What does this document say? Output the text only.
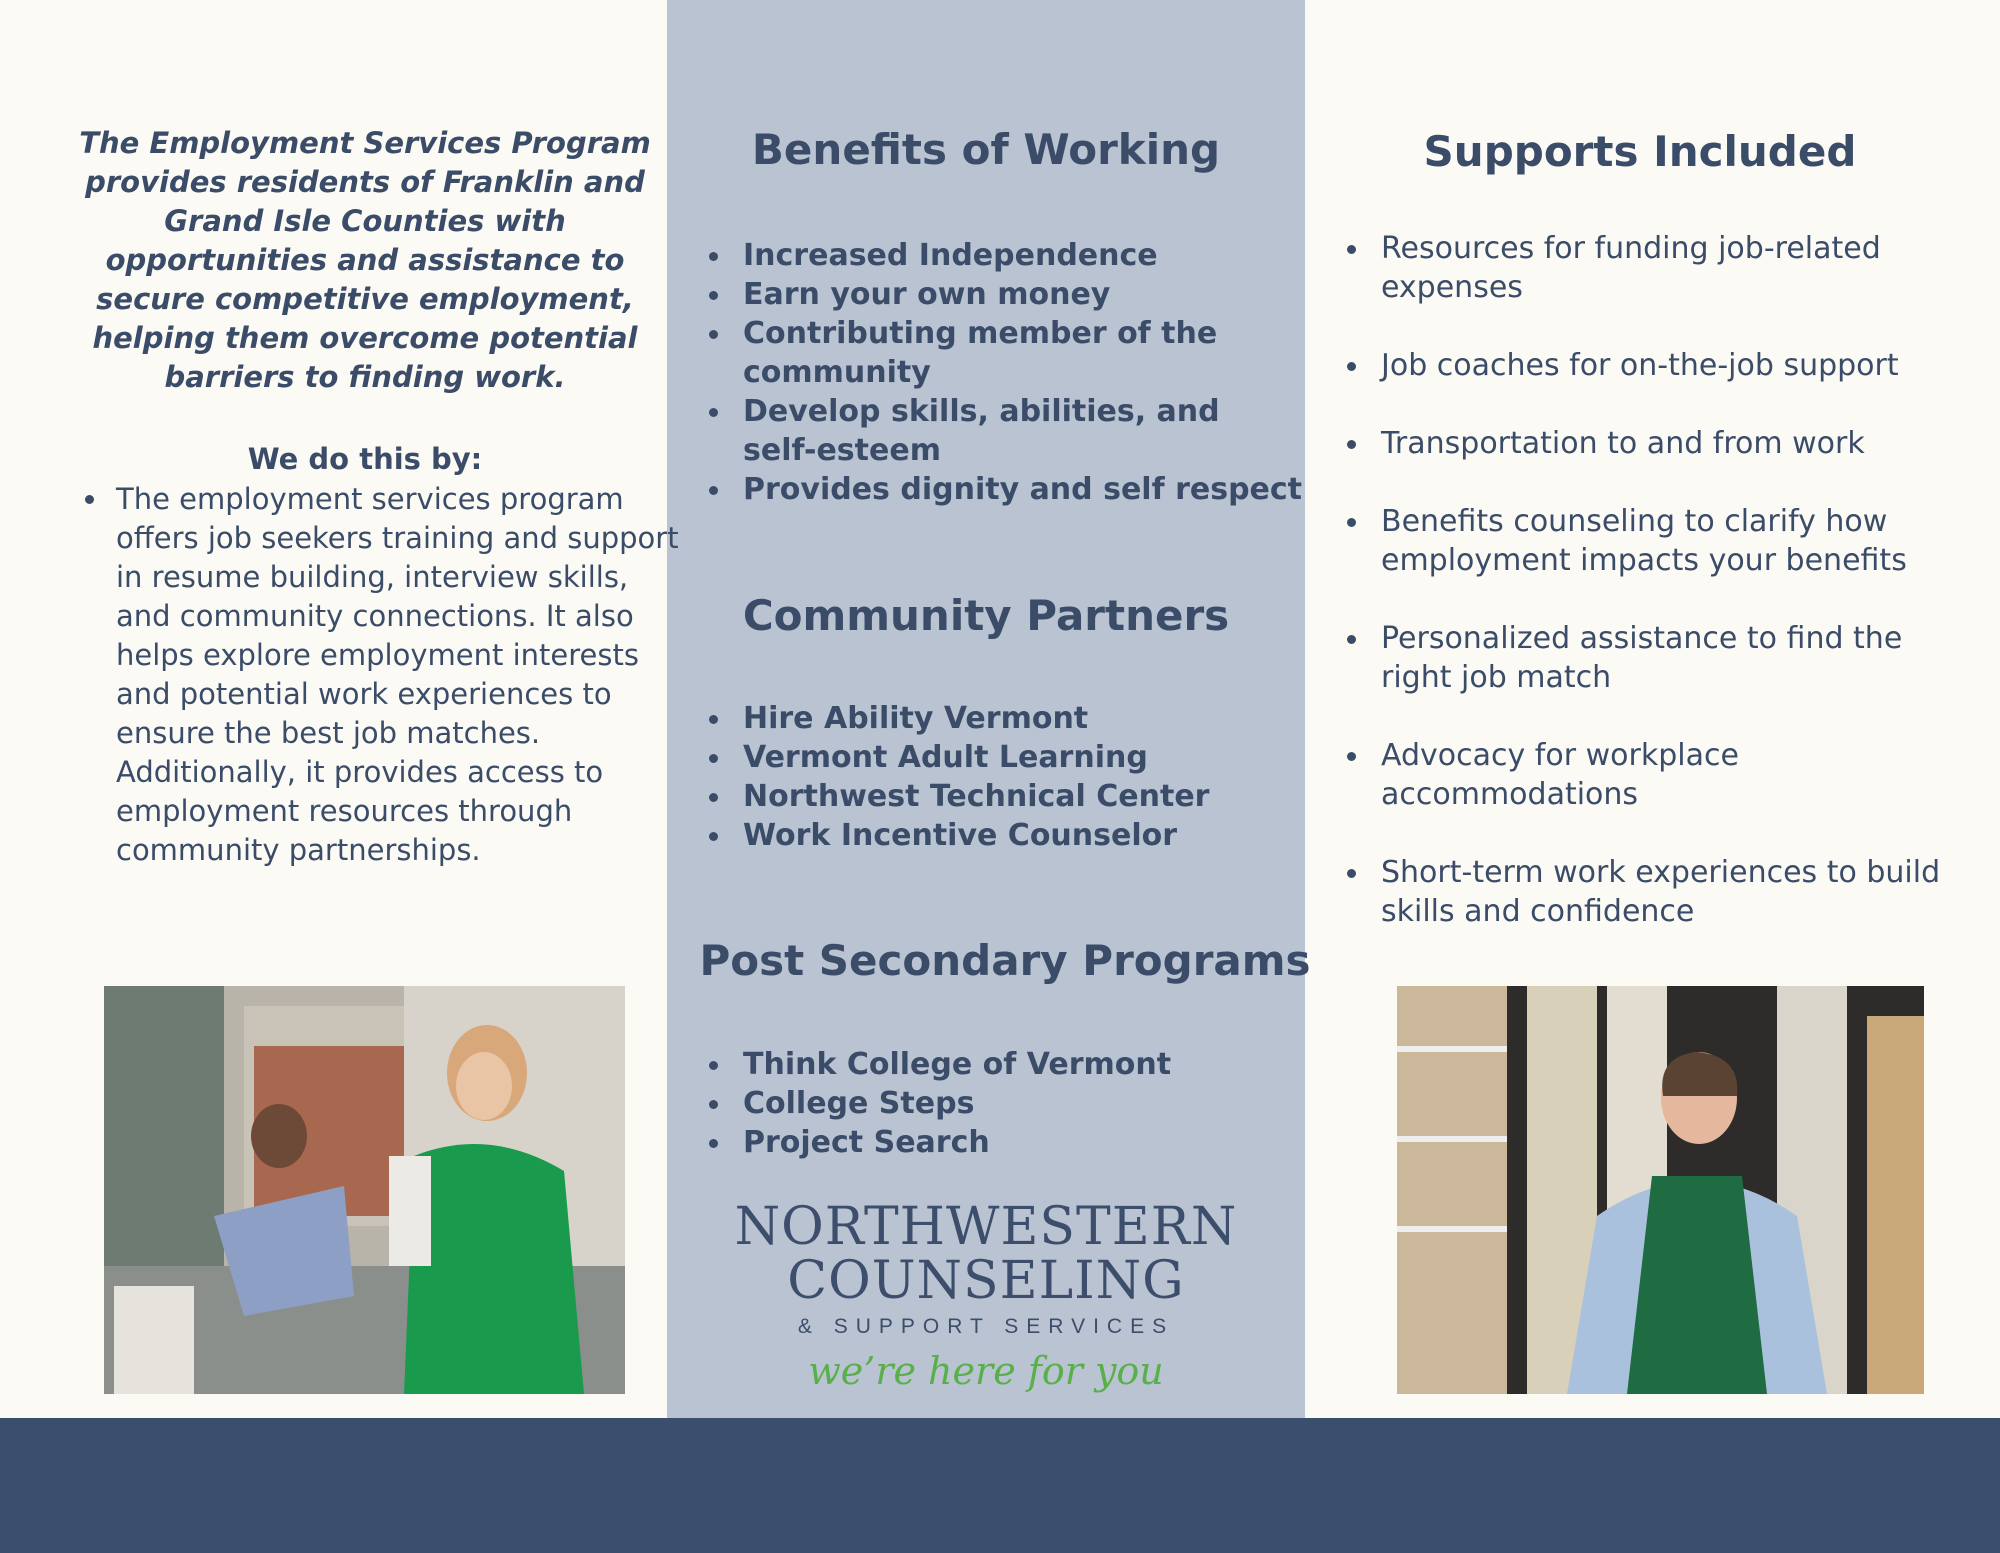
The Employment Services Program provides residents of Franklin and Grand Isle Counties with opportunities and assistance to secure competitive employment, helping them overcome potential barriers to finding work.

We do this by:

The employment services program offers job seekers training and support in resume building, interview skills, and community connections. It also helps explore employment interests and potential work experiences to ensure the best job matches. Additionally, it provides access to employment resources through community partnerships.
Benefits of Working
Increased Independence
Earn your own money
Contributing member of the community
Develop skills, abilities, and self-esteem
Provides dignity and self respect
Community Partners
Hire Ability Vermont
Vermont Adult Learning
Northwest Technical Center
Work Incentive Counselor
Post Secondary Programs
Think College of Vermont
College Steps
Project Search

NORTHWESTERN

COUNSELING

& SUPPORT SERVICES

we’re here for you

Supports Included
Resources for funding job-related expenses
Job coaches for on-the-job support
Transportation to and from work
Benefits counseling to clarify how employment impacts your benefits
Personalized assistance to find the right job match
Advocacy for workplace accommodations
Short-term work experiences to build skills and confidence
